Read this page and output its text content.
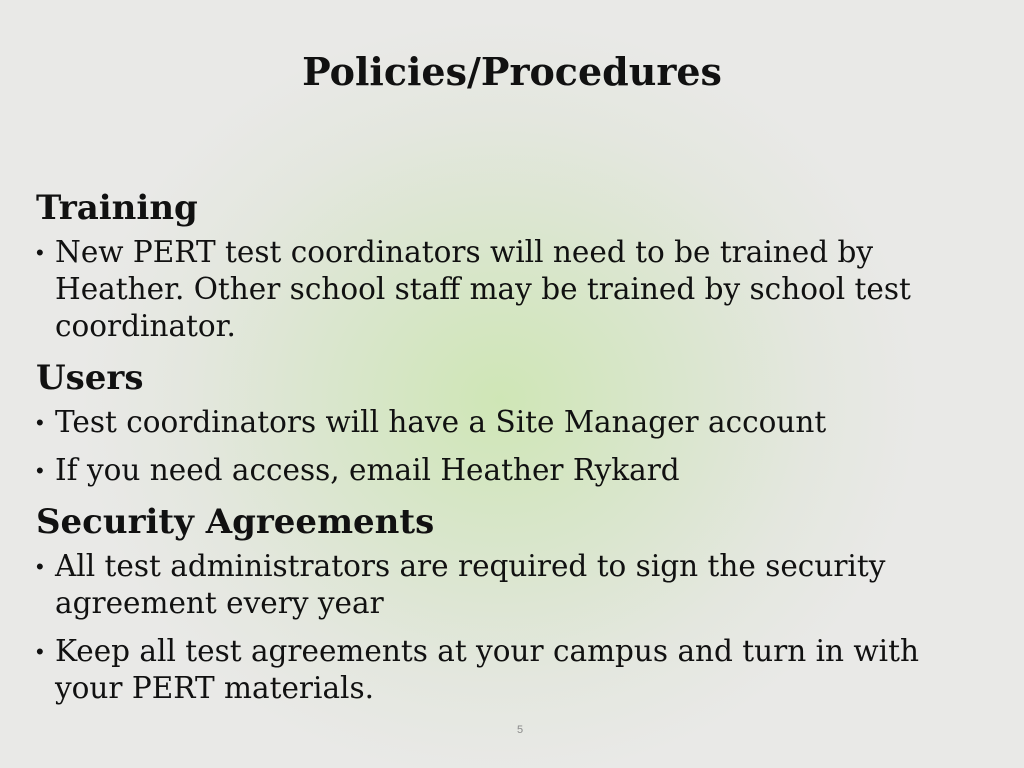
Policies/Procedures
Training
• New PERT test coordinators will need to be trained by Heather. Other school staff may be trained by school test coordinator.
Users
• Test coordinators will have a Site Manager account
• If you need access, email Heather Rykard
Security Agreements
• All test administrators are required to sign the security agreement every year
• Keep all test agreements at your campus and turn in with your PERT materials.
5
